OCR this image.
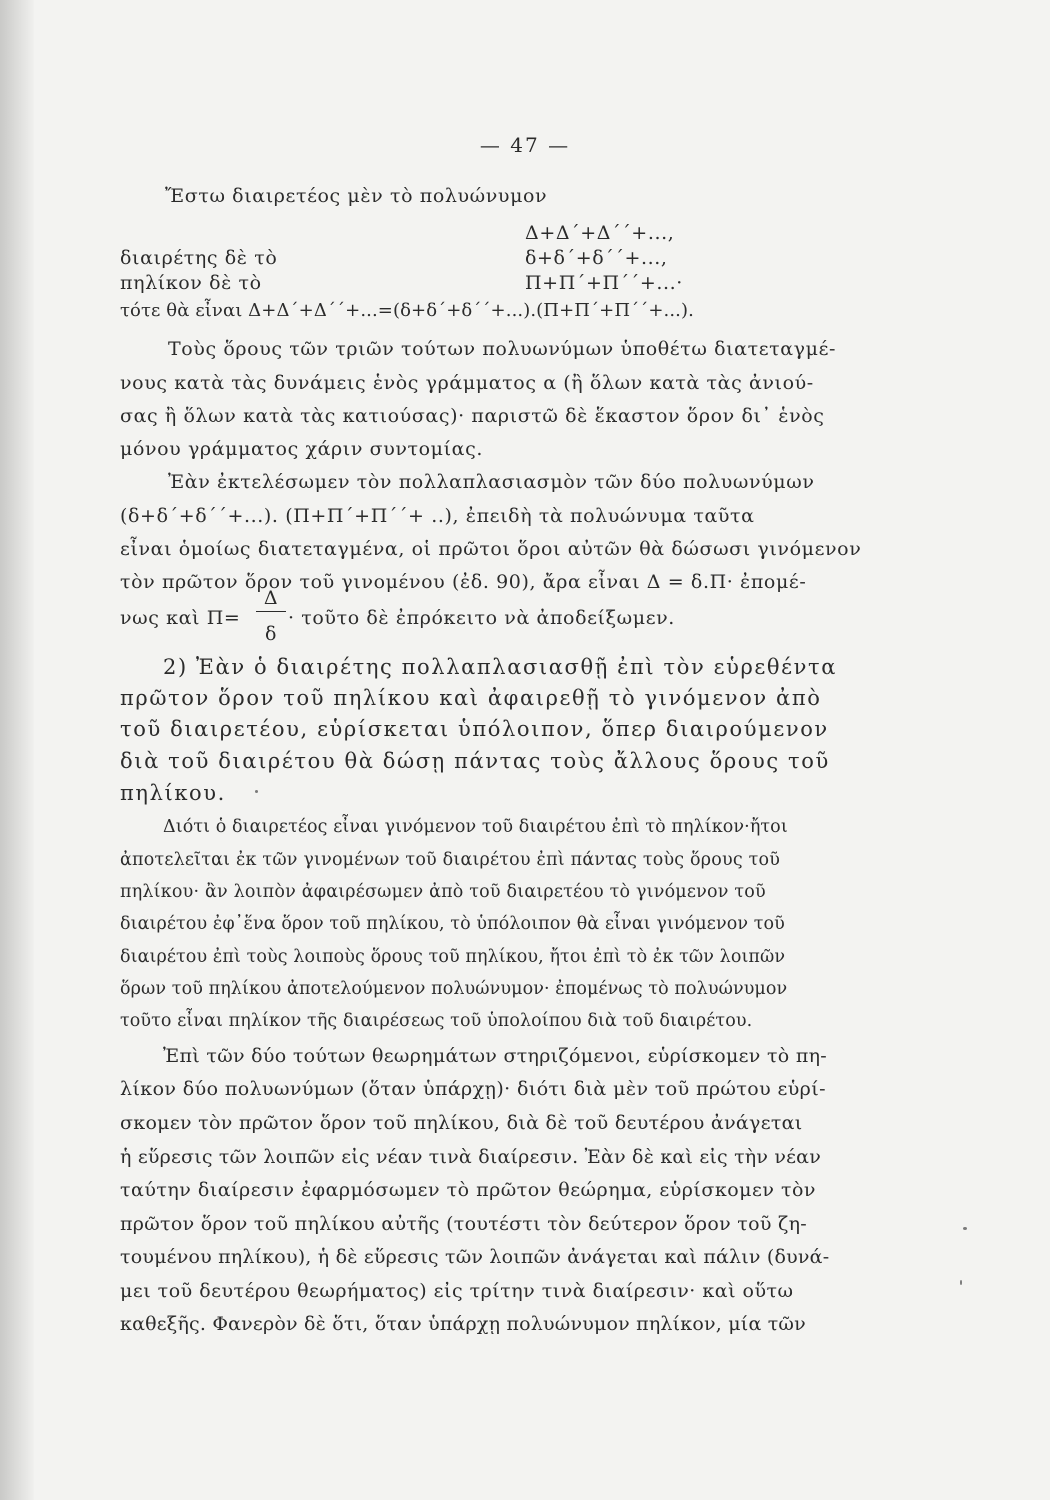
— 47 —
Ἔστω διαιρετέος μὲν τὸ πολυώνυμον
Δ+Δ΄+Δ΄΄+...,
διαιρέτης δὲ τὸ	δ+δ΄+δ΄΄+...,
πηλίκον δὲ τὸ	Π+Π΄+Π΄΄+...·
τότε θὰ εἶναι Δ+Δ΄+Δ΄΄+...=(δ+δ΄+δ΄΄+...).(Π+Π΄+Π΄΄+...).
Τοὺς ὅρους τῶν τριῶν τούτων πολυωνύμων ὑποθέτω διατεταγμέ-
νους κατὰ τὰς δυνάμεις ἑνὸς γράμματος α (ἢ ὅλων κατὰ τὰς ἀνιού-
σας ἢ ὅλων κατὰ τὰς κατιούσας)· παριστῶ δὲ ἕκαστον ὅρον δι᾽ ἑνὸς
μόνου γράμματος χάριν συντομίας.
Ἐὰν ἐκτελέσωμεν τὸν πολλαπλασιασμὸν τῶν δύο πολυωνύμων
(δ+δ΄+δ΄΄+...). (Π+Π΄+Π΄΄+ ..), ἐπειδὴ τὰ πολυώνυμα ταῦτα
εἶναι ὁμοίως διατεταγμένα, οἱ πρῶτοι ὅροι αὐτῶν θὰ δώσωσι γινόμενον
τὸν πρῶτον ὅρον τοῦ γινομένου (ἐδ. 90), ἄρα εἶναι Δ = δ.Π· ἐπομέ-
νως καὶ Π=
Δ
δ
· τοῦτο δὲ ἐπρόκειτο νὰ ἀποδείξωμεν.
2) Ἐὰν ὁ διαιρέτης πολλαπλασιασθῇ ἐπὶ τὸν εὑρεθέντα
πρῶτον ὅρον τοῦ πηλίκου καὶ ἀφαιρεθῇ τὸ γινόμενον ἀπὸ
τοῦ διαιρετέου, εὑρίσκεται ὑπόλοιπον, ὅπερ διαιρούμενον
διὰ τοῦ διαιρέτου θὰ δώσῃ πάντας τοὺς ἄλλους ὅρους τοῦ
πηλίκου.
Διότι ὁ διαιρετέος εἶναι γινόμενον τοῦ διαιρέτου ἐπὶ τὸ πηλίκον·ἤτοι
ἀποτελεῖται ἐκ τῶν γινομένων τοῦ διαιρέτου ἐπὶ πάντας τοὺς ὅρους τοῦ
πηλίκου· ἂν λοιπὸν ἀφαιρέσωμεν ἀπὸ τοῦ διαιρετέου τὸ γινόμενον τοῦ
διαιρέτου ἐφ᾽ἕνα ὅρον τοῦ πηλίκου, τὸ ὑπόλοιπον θὰ εἶναι γινόμενον τοῦ
διαιρέτου ἐπὶ τοὺς λοιποὺς ὅρους τοῦ πηλίκου, ἤτοι ἐπὶ τὸ ἐκ τῶν λοιπῶν
ὅρων τοῦ πηλίκου ἀποτελούμενον πολυώνυμον· ἐπομένως τὸ πολυώνυμον
τοῦτο εἶναι πηλίκον τῆς διαιρέσεως τοῦ ὑπολοίπου διὰ τοῦ διαιρέτου.
Ἐπὶ τῶν δύο τούτων θεωρημάτων στηριζόμενοι, εὑρίσκομεν τὸ πη-
λίκον δύο πολυωνύμων (ὅταν ὑπάρχῃ)· διότι διὰ μὲν τοῦ πρώτου εὑρί-
σκομεν τὸν πρῶτον ὅρον τοῦ πηλίκου, διὰ δὲ τοῦ δευτέρου ἀνάγεται
ἡ εὕρεσις τῶν λοιπῶν εἰς νέαν τινὰ διαίρεσιν. Ἐὰν δὲ καὶ εἰς τὴν νέαν
ταύτην διαίρεσιν ἐφαρμόσωμεν τὸ πρῶτον θεώρημα, εὑρίσκομεν τὸν
πρῶτον ὅρον τοῦ πηλίκου αὐτῆς (τουτέστι τὸν δεύτερον ὅρον τοῦ ζη-
τουμένου πηλίκου), ἡ δὲ εὕρεσις τῶν λοιπῶν ἀνάγεται καὶ πάλιν (δυνά-
μει τοῦ δευτέρου θεωρήματος) εἰς τρίτην τινὰ διαίρεσιν· καὶ οὕτω
καθεξῆς. Φανερὸν δὲ ὅτι, ὅταν ὑπάρχῃ πολυώνυμον πηλίκον, μία τῶν
